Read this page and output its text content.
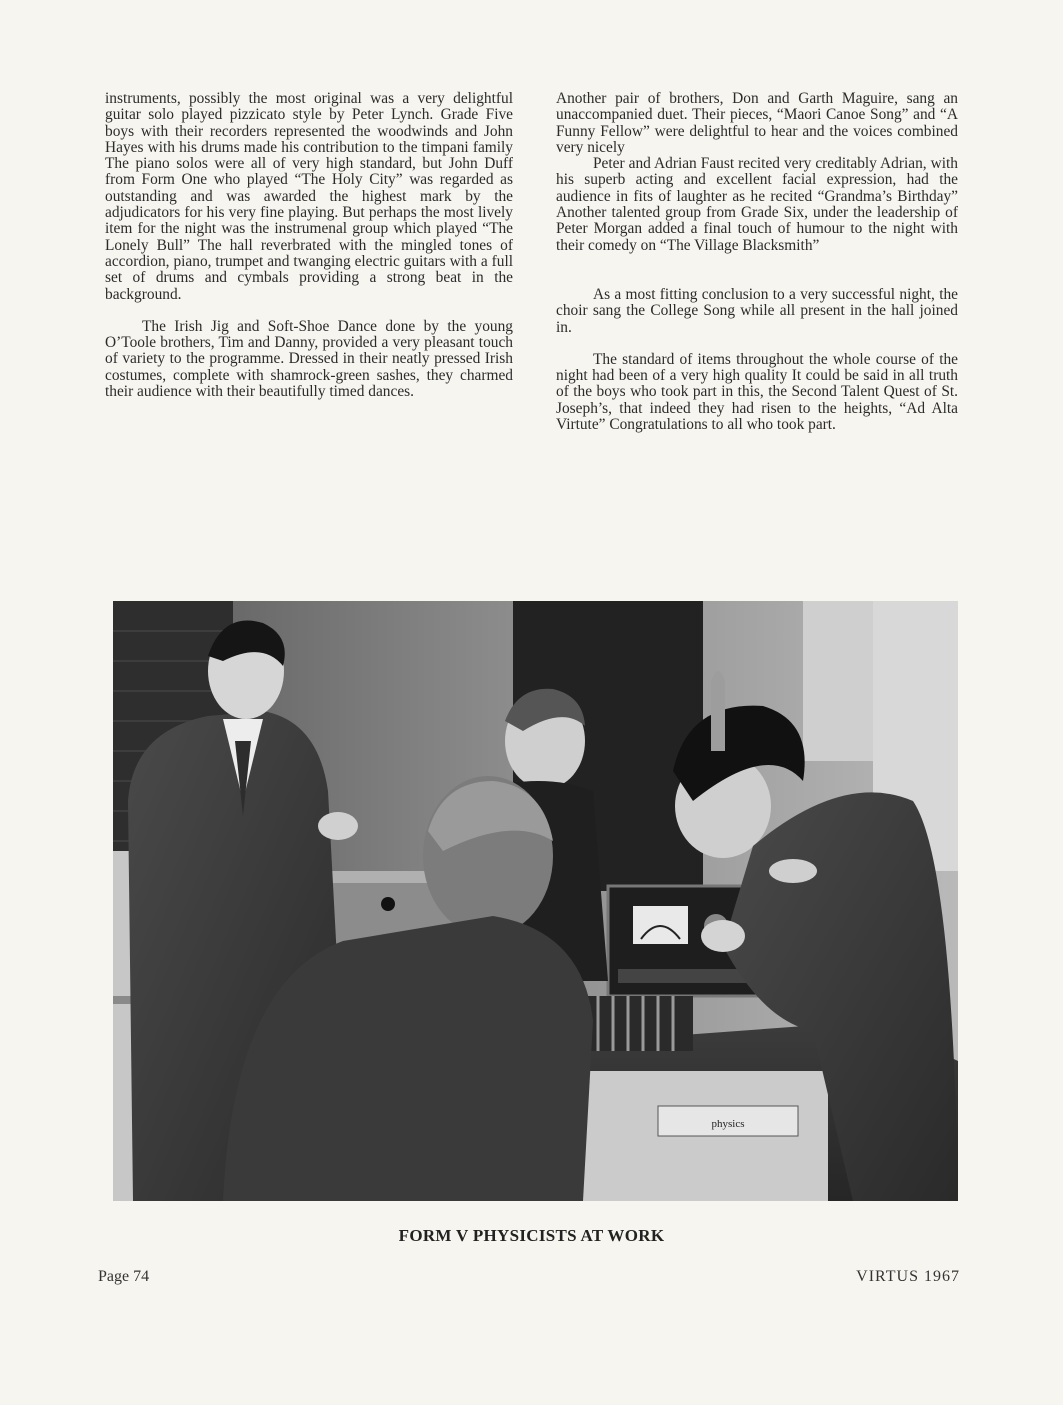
instruments, possibly the most original was a very delightful guitar solo played pizzicato style by Peter Lynch. Grade Five boys with their recorders represented the woodwinds and John Hayes with his drums made his contribution to the timpani family The piano solos were all of very high standard, but John Duff from Form One who played “The Holy City” was regarded as outstanding and was awarded the highest mark by the adjudicators for his very fine playing. But perhaps the most lively item for the night was the instrumenal group which played “The Lonely Bull” The hall reverbrated with the mingled tones of accordion, piano, trumpet and twanging electric guitars with a full set of drums and cymbals providing a strong beat in the background.

The Irish Jig and Soft-Shoe Dance done by the young O’Toole brothers, Tim and Danny, provided a very pleasant touch of variety to the programme. Dressed in their neatly pressed Irish costumes, complete with shamrock-green sashes, they charmed their audience with their beautifully timed dances.

Another pair of brothers, Don and Garth Maguire, sang an unaccompanied duet. Their pieces, “Maori Canoe Song” and “A Funny Fellow” were delightful to hear and the voices combined very nicely

Peter and Adrian Faust recited very creditably Adrian, with his superb acting and excellent facial expression, had the audience in fits of laughter as he recited “Grandma’s Birthday” Another talented group from Grade Six, under the leadership of Peter Morgan added a final touch of humour to the night with their comedy on “The Village Blacksmith”

As a most fitting conclusion to a very successful night, the choir sang the College Song while all present in the hall joined in.

The standard of items throughout the whole course of the night had been of a very high quality It could be said in all truth of the boys who took part in this, the Second Talent Quest of St. Joseph’s, that indeed they had risen to the heights, “Ad Alta Virtute” Congratulations to all who took part.

physics
FORM V PHYSICISTS AT WORK
Page 74	VIRTUS 1967
